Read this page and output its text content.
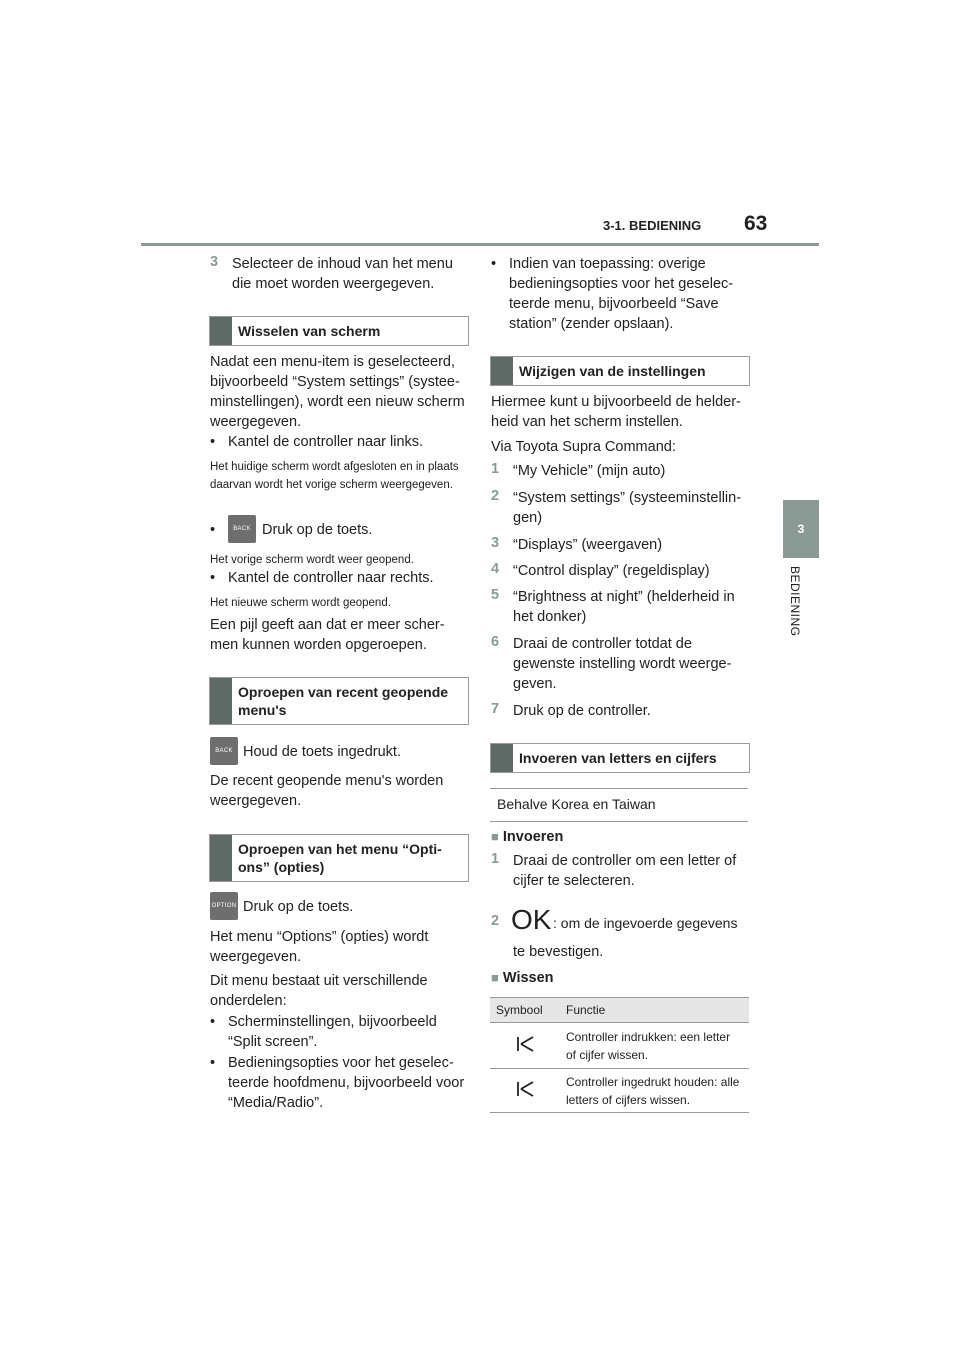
3-1. BEDIENING 63
3
BEDIENING
3 Selecteer de inhoud van het menu die moet worden weergegeven.
Wisselen van scherm

Nadat een menu-item is geselecteerd, bijvoorbeeld “System settings” (systee-minstellingen), wordt een nieuw scherm weergegeven.

• Kantel de controller naar links.
Het huidige scherm wordt afgesloten en in plaats daarvan wordt het vorige scherm weergegeven.
•	BACK Druk op de toets.
Het vorige scherm wordt weer geopend.
• Kantel de controller naar rechts.
Het nieuwe scherm wordt geopend.

Een pijl geeft aan dat er meer scher-men kunnen worden opgeroepen.

Oproepen van recent geopende menu's
BACK Houd de toets ingedrukt.

De recent geopende menu's worden weergegeven.

Oproepen van het menu “Opti-ons” (opties)
OPTION Druk op de toets.

Het menu “Options” (opties) wordt weergegeven.

Dit menu bestaat uit verschillende onderdelen:

• Scherminstellingen, bijvoorbeeld “Split screen”.
• Bedieningsopties voor het geselec-teerde hoofdmenu, bijvoorbeeld voor “Media/Radio”.
• Indien van toepassing: overige bedieningsopties voor het geselec-teerde menu, bijvoorbeeld “Save station” (zender opslaan).
Wijzigen van de instellingen

Hiermee kunt u bijvoorbeeld de helder-heid van het scherm instellen.

Via Toyota Supra Command:

1 “My Vehicle” (mijn auto)
2 “System settings” (systeeminstellin-gen)
3 “Displays” (weergaven)
4 “Control display” (regeldisplay)
5 “Brightness at night” (helderheid in het donker)
6 Draai de controller totdat de gewenste instelling wordt weerge-geven.
7 Druk op de controller.
Invoeren van letters en cijfers
Behalve Korea en Taiwan
■ Invoeren
1 Draai de controller om een letter of cijfer te selecteren.
2 OK : om de ingevoerde gegevens
te bevestigen.
■ Wissen
Symbool	Functie
	Controller indrukken: een letter of cijfer wissen.
	Controller ingedrukt houden: alle letters of cijfers wissen.
